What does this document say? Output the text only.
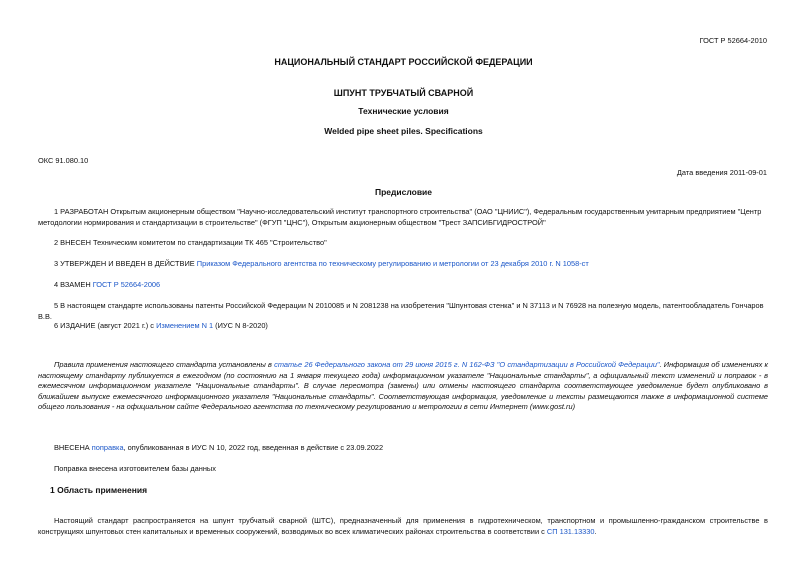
ГОСТ Р 52664-2010
НАЦИОНАЛЬНЫЙ СТАНДАРТ РОССИЙСКОЙ ФЕДЕРАЦИИ
ШПУНТ ТРУБЧАТЫЙ СВАРНОЙ
Технические условия
Welded pipe sheet piles. Specifications
ОКС 91.080.10
Дата введения 2011-09-01
Предисловие
1 РАЗРАБОТАН Открытым акционерным обществом "Научно-исследовательский институт транспортного строительства" (ОАО "ЦНИИС"), Федеральным государственным унитарным предприятием "Центр методологии нормирования и стандартизации в строительстве" (ФГУП "ЦНС"), Открытым акционерным обществом "Трест ЗАПСИБГИДРОСТРОЙ"
2 ВНЕСЕН Техническим комитетом по стандартизации ТК 465 "Строительство"
3 УТВЕРЖДЕН И ВВЕДЕН В ДЕЙСТВИЕ Приказом Федерального агентства по техническому регулированию и метрологии от 23 декабря 2010 г. N 1058-ст
4 ВЗАМЕН ГОСТ Р 52664-2006
5 В настоящем стандарте использованы патенты Российской Федерации N 2010085 и N 2081238 на изобретения "Шпунтовая стенка" и N 37113 и N 76928 на полезную модель, патентообладатель Гончаров В.В.
6 ИЗДАНИЕ (август 2021 г.) с Изменением N 1 (ИУС N 8-2020)
Правила применения настоящего стандарта установлены в статье 26 Федерального закона от 29 июня 2015 г. N 162-ФЗ "О стандартизации в Российской Федерации". Информация об изменениях к настоящему стандарту публикуется в ежегодном (по состоянию на 1 января текущего года) информационном указателе "Национальные стандарты", а официальный текст изменений и поправок - в ежемесячном информационном указателе "Национальные стандарты". В случае пересмотра (замены) или отмены настоящего стандарта соответствующее уведомление будет опубликовано в ближайшем выпуске ежемесячного информационного указателя "Национальные стандарты". Соответствующая информация, уведомление и тексты размещаются также в информационной системе общего пользования - на официальном сайте Федерального агентства по техническому регулированию и метрологии в сети Интернет (www.gost.ru)
ВНЕСЕНА поправка, опубликованная в ИУС N 10, 2022 год, введенная в действие с 23.09.2022
Поправка внесена изготовителем базы данных
1 Область применения
Настоящий стандарт распространяется на шпунт трубчатый сварной (ШТС), предназначенный для применения в гидротехническом, транспортном и промышленно-гражданском строительстве в конструкциях шпунтовых стен капитальных и временных сооружений, возводимых во всех климатических районах строительства в соответствии с СП 131.13330.
